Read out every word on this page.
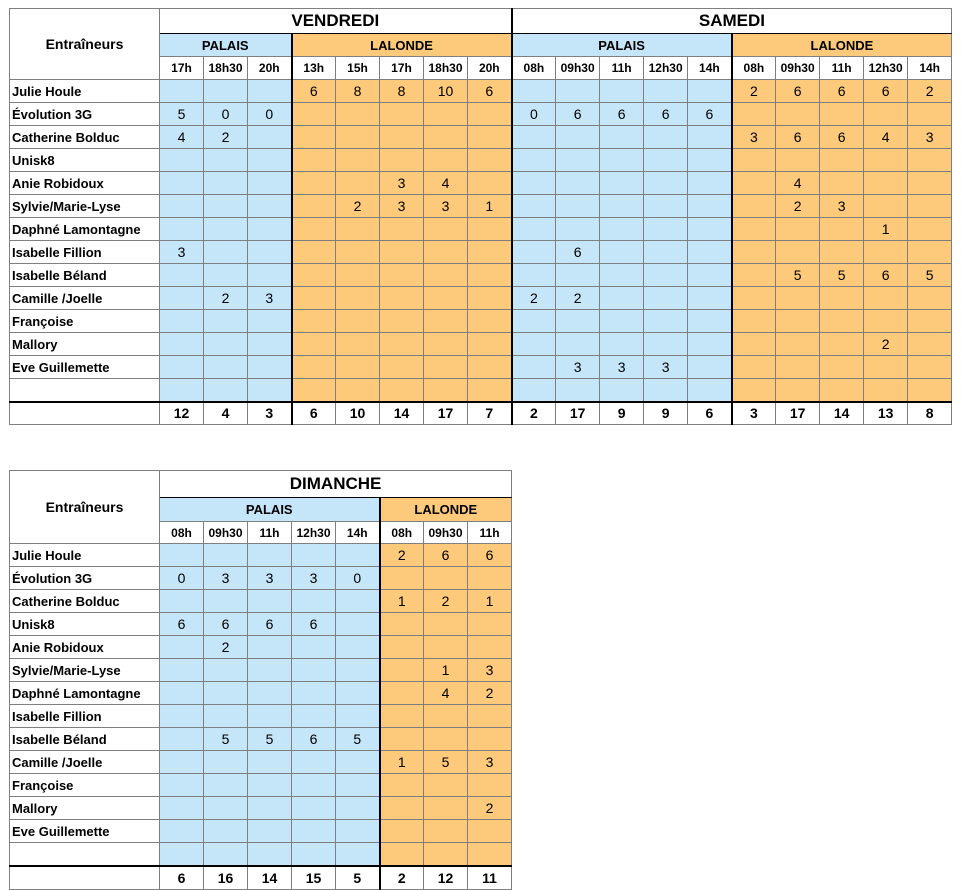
Entraîneurs	VENDREDI								SAMEDI									
	PALAIS			LALONDE					PALAIS					LALONDE				
	17h	18h30	20h	13h	15h	17h	18h30	20h	08h	09h30	11h	12h30	14h	08h	09h30	11h	12h30	14h
Julie Houle				6	8	8	10	6						2	6	6	6	2
Évolution 3G	5	0	0						0	6	6	6	6					
Catherine Bolduc	4	2												3	6	6	4	3
Unisk8																		
Anie Robidoux						3	4								4			
Sylvie/Marie-Lyse					2	3	3	1							2	3		
Daphné Lamontagne																	1	
Isabelle Fillion	3									6								
Isabelle Béland															5	5	6	5
Camille /Joelle		2	3						2	2								
Françoise																		
Mallory																	2	
Eve Guillemette										3	3	3						

	12	4	3	6	10	14	17	7	2	17	9	9	6	3	17	14	13	8
Entraîneurs	DIMANCHE							
	PALAIS					LALONDE		
	08h	09h30	11h	12h30	14h	08h	09h30	11h
Julie Houle						2	6	6
Évolution 3G	0	3	3	3	0			
Catherine Bolduc						1	2	1
Unisk8	6	6	6	6				
Anie Robidoux		2						
Sylvie/Marie-Lyse							1	3
Daphné Lamontagne							4	2
Isabelle Fillion								
Isabelle Béland		5	5	6	5			
Camille /Joelle						1	5	3
Françoise								
Mallory								2
Eve Guillemette								

	6	16	14	15	5	2	12	11
